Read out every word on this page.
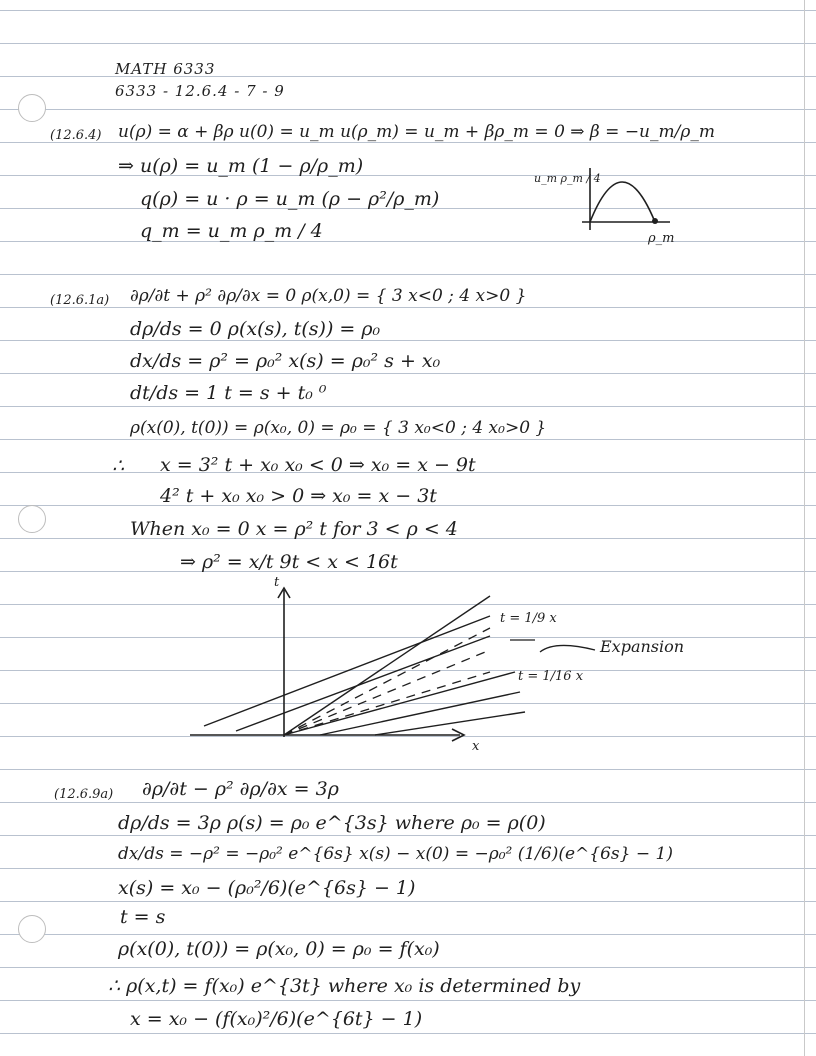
MATH 6333
6333 - 12.6.4 - 7 - 9
(12.6.4) u(ρ) = α + βρ u(0) = u_m u(ρ_m) = u_m + βρ_m = 0 ⇒ β = −u_m/ρ_m
⇒ u(ρ) = u_m (1 − ρ/ρ_m)
q(ρ) = u · ρ = u_m (ρ − ρ²/ρ_m)
q_m = u_m ρ_m / 4
u_m ρ_m / 4
ρ_m
(12.6.1a) ∂ρ/∂t + ρ² ∂ρ/∂x = 0 ρ(x,0) = { 3 x<0 ; 4 x>0 }
dρ/ds = 0 ρ(x(s), t(s)) = ρ₀
dx/ds = ρ² = ρ₀² x(s) = ρ₀² s + x₀
dt/ds = 1 t = s + t₀ ⁰
ρ(x(0), t(0)) = ρ(x₀, 0) = ρ₀ = { 3 x₀<0 ; 4 x₀>0 }
∴ x = 3² t + x₀ x₀ < 0 ⇒ x₀ = x − 9t
4² t + x₀ x₀ > 0 ⇒ x₀ = x − 3t
When x₀ = 0 x = ρ² t for 3 < ρ < 4
⇒ ρ² = x/t 9t < x < 16t
t
x
t = 1/9 x
t = 1/16 x
Expansion
(12.6.9a) ∂ρ/∂t − ρ² ∂ρ/∂x = 3ρ
dρ/ds = 3ρ ρ(s) = ρ₀ e^{3s} where ρ₀ = ρ(0)
dx/ds = −ρ² = −ρ₀² e^{6s} x(s) − x(0) = −ρ₀² (1/6)(e^{6s} − 1)
x(s) = x₀ − (ρ₀²/6)(e^{6s} − 1)
t = s
ρ(x(0), t(0)) = ρ(x₀, 0) = ρ₀ = f(x₀)
∴ ρ(x,t) = f(x₀) e^{3t} where x₀ is determined by
x = x₀ − (f(x₀)²/6)(e^{6t} − 1)
